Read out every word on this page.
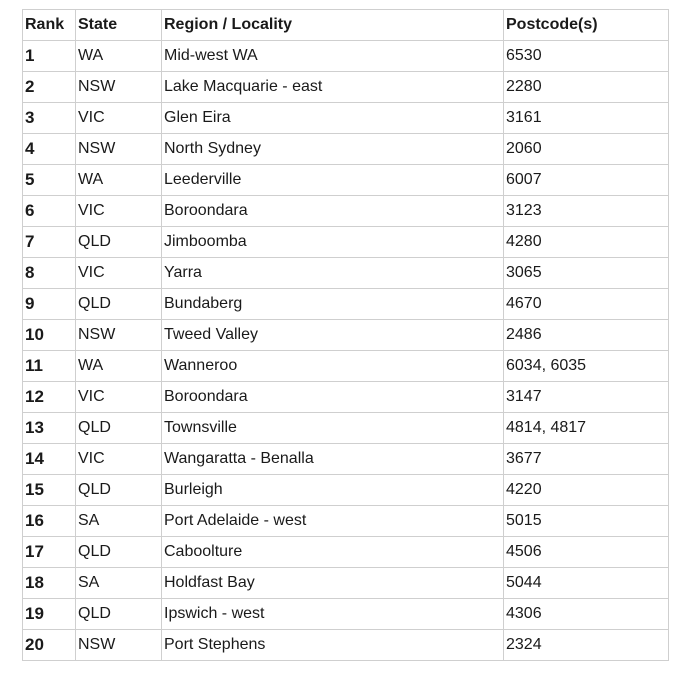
Rank	State	Region / Locality	Postcode(s)
1	WA	Mid-west WA	6530
2	NSW	Lake Macquarie - east	2280
3	VIC	Glen Eira	3161
4	NSW	North Sydney	2060
5	WA	Leederville	6007
6	VIC	Boroondara	3123
7	QLD	Jimboomba	4280
8	VIC	Yarra	3065
9	QLD	Bundaberg	4670
10	NSW	Tweed Valley	2486
11	WA	Wanneroo	6034, 6035
12	VIC	Boroondara	3147
13	QLD	Townsville	4814, 4817
14	VIC	Wangaratta - Benalla	3677
15	QLD	Burleigh	4220
16	SA	Port Adelaide - west	5015
17	QLD	Caboolture	4506
18	SA	Holdfast Bay	5044
19	QLD	Ipswich - west	4306
20	NSW	Port Stephens	2324
